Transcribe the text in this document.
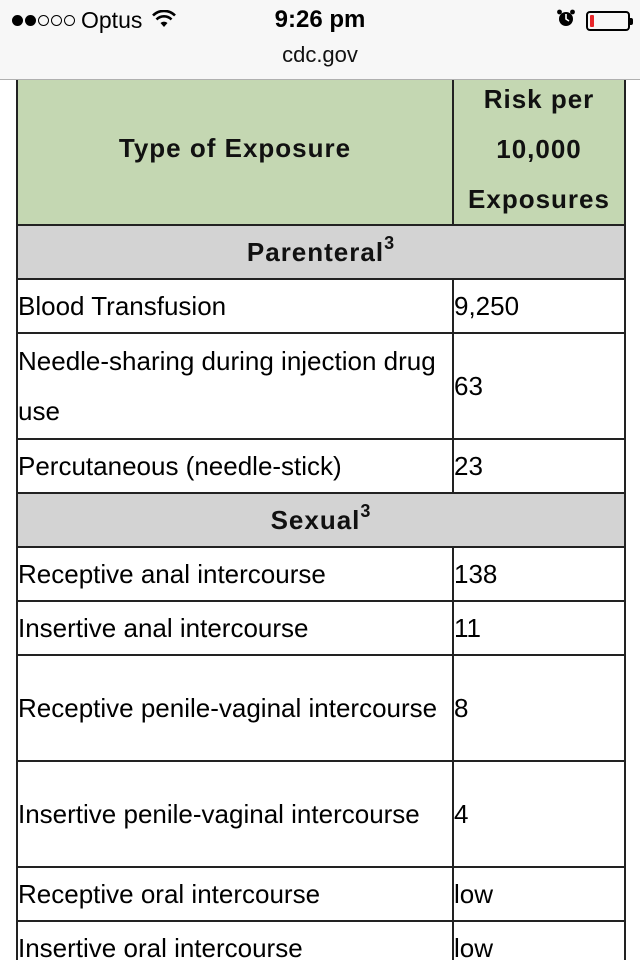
Optus	9:26 pm
cdc.gov
Type of Exposure	Risk per
10,000
Exposures
Parenteral$^3$
Blood Transfusion	9,250
Needle-sharing during injection drug use	63
Percutaneous (needle-stick)	23
Sexual$^3$
Receptive anal intercourse	138
Insertive anal intercourse	11
Receptive penile-vaginal intercourse	8
Insertive penile-vaginal intercourse	4
Receptive oral intercourse	low
Insertive oral intercourse	low
